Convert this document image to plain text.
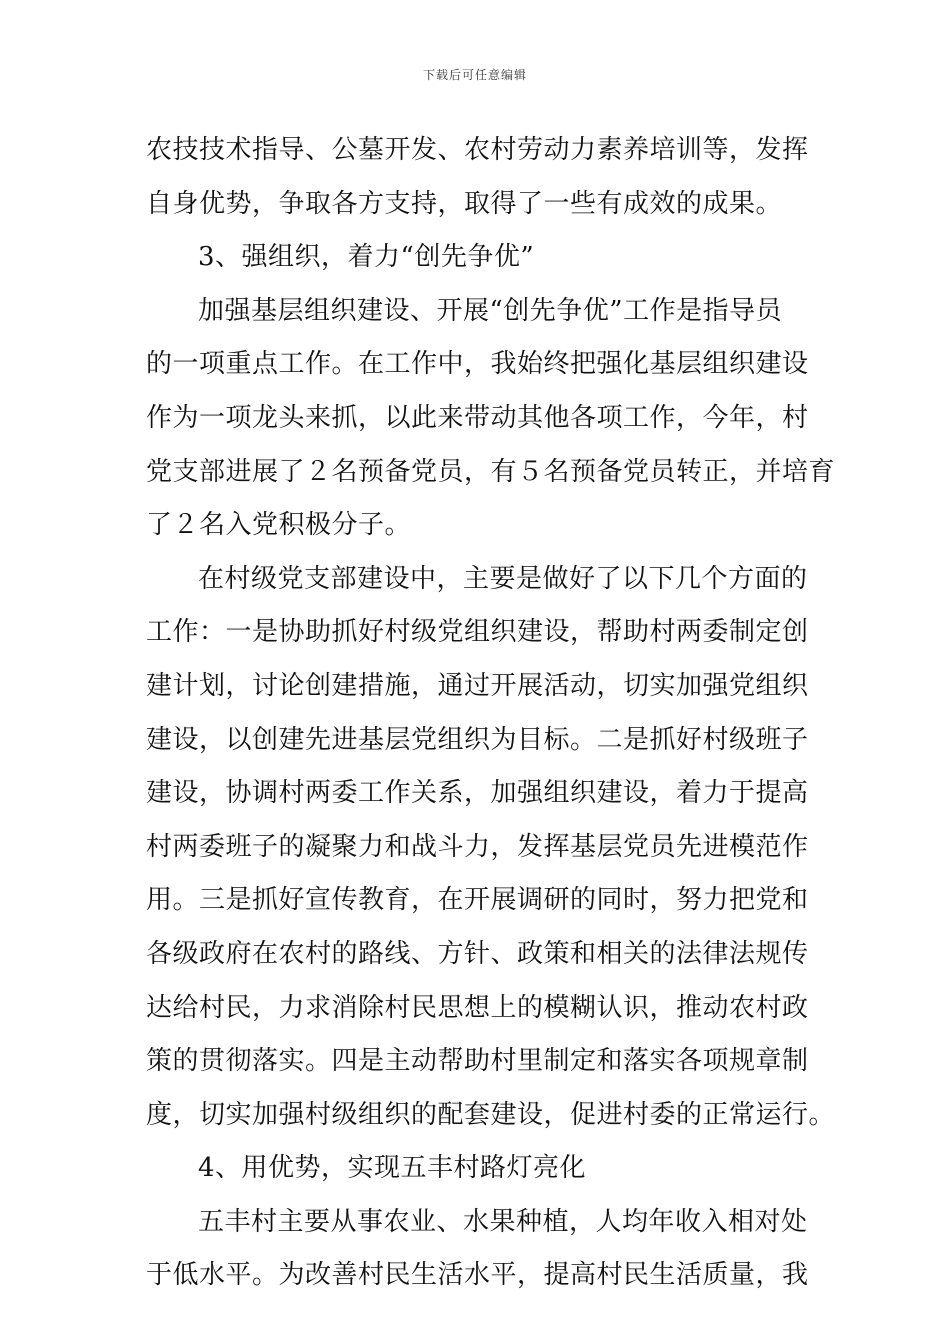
下载后可任意编辑
农技技术指导、公墓开发、农村劳动力素养培训等，发挥
自身优势，争取各方支持，取得了一些有成效的成果。
3、强组织，着力“创先争优”
加强基层组织建设、开展“创先争优”工作是指导员
的一项重点工作。在工作中，我始终把强化基层组织建设
作为一项龙头来抓，以此来带动其他各项工作，今年，村
党支部进展了２名预备党员，有５名预备党员转正，并培育
了２名入党积极分子。
在村级党支部建设中，主要是做好了以下几个方面的
工作：一是协助抓好村级党组织建设，帮助村两委制定创
建计划，讨论创建措施，通过开展活动，切实加强党组织
建设，以创建先进基层党组织为目标。二是抓好村级班子
建设，协调村两委工作关系，加强组织建设，着力于提高
村两委班子的凝聚力和战斗力，发挥基层党员先进模范作
用。三是抓好宣传教育，在开展调研的同时，努力把党和
各级政府在农村的路线、方针、政策和相关的法律法规传
达给村民，力求消除村民思想上的模糊认识，推动农村政
策的贯彻落实。四是主动帮助村里制定和落实各项规章制
度，切实加强村级组织的配套建设，促进村委的正常运行。
4、用优势，实现五丰村路灯亮化
五丰村主要从事农业、水果种植，人均年收入相对处
于低水平。为改善村民生活水平，提高村民生活质量，我
